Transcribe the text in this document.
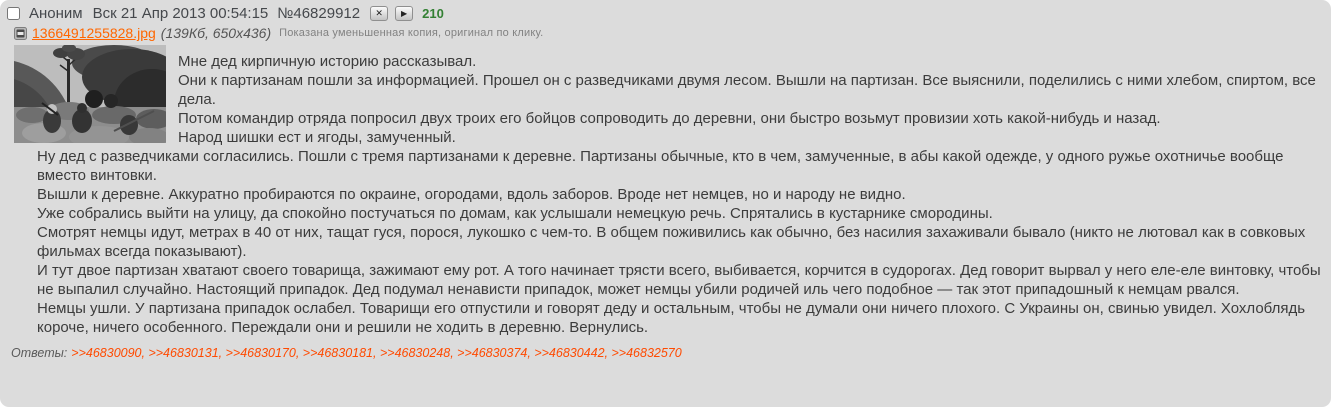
Аноним Вск 21 Апр 2013 00:54:15 №46829912 ✕ ▶ 210
1366491255828.jpg (139Кб, 650x436) Показана уменьшенная копия, оригинал по клику.
Мне дед кирпичную историю рассказывал.
Они к партизанам пошли за информацией. Прошел он с разведчиками двумя лесом. Вышли на партизан. Все выяснили, поделились с ними хлебом, спиртом, все дела.
Потом командир отряда попросил двух троих его бойцов сопроводить до деревни, они быстро возьмут провизии хоть какой-нибудь и назад.
Народ шишки ест и ягоды, замученный.
Ну дед с разведчиками согласились. Пошли с тремя партизанами к деревне. Партизаны обычные, кто в чем, замученные, в абы какой одежде, у одного ружье охотничье вообще вместо винтовки.
Вышли к деревне. Аккуратно пробираются по окраине, огородами, вдоль заборов. Вроде нет немцев, но и народу не видно.
Уже собрались выйти на улицу, да спокойно постучаться по домам, как услышали немецкую речь. Спрятались в кустарнике смородины.
Смотрят немцы идут, метрах в 40 от них, тащат гуся, порося, лукошко с чем-то. В общем поживились как обычно, без насилия захаживали бывало (никто не лютовал как в совковых фильмах всегда показывают).
И тут двое партизан хватают своего товарища, зажимают ему рот. А того начинает трясти всего, выбивается, корчится в судорогах. Дед говорит вырвал у него еле-еле винтовку, чтобы не выпалил случайно. Настоящий припадок. Дед подумал ненависти припадок, может немцы убили родичей иль чего подобное — так этот припадошный к немцам рвался.
Немцы ушли. У партизана припадок ослабел. Товарищи его отпустили и говорят деду и остальным, чтобы не думали они ничего плохого. С Украины он, свинью увидел. Хохлоблядь короче, ничего особенного. Переждали они и решили не ходить в деревню. Вернулись.
Ответы: >>46830090 , >>46830131 , >>46830170 , >>46830181 , >>46830248 , >>46830374 , >>46830442 , >>46832570
